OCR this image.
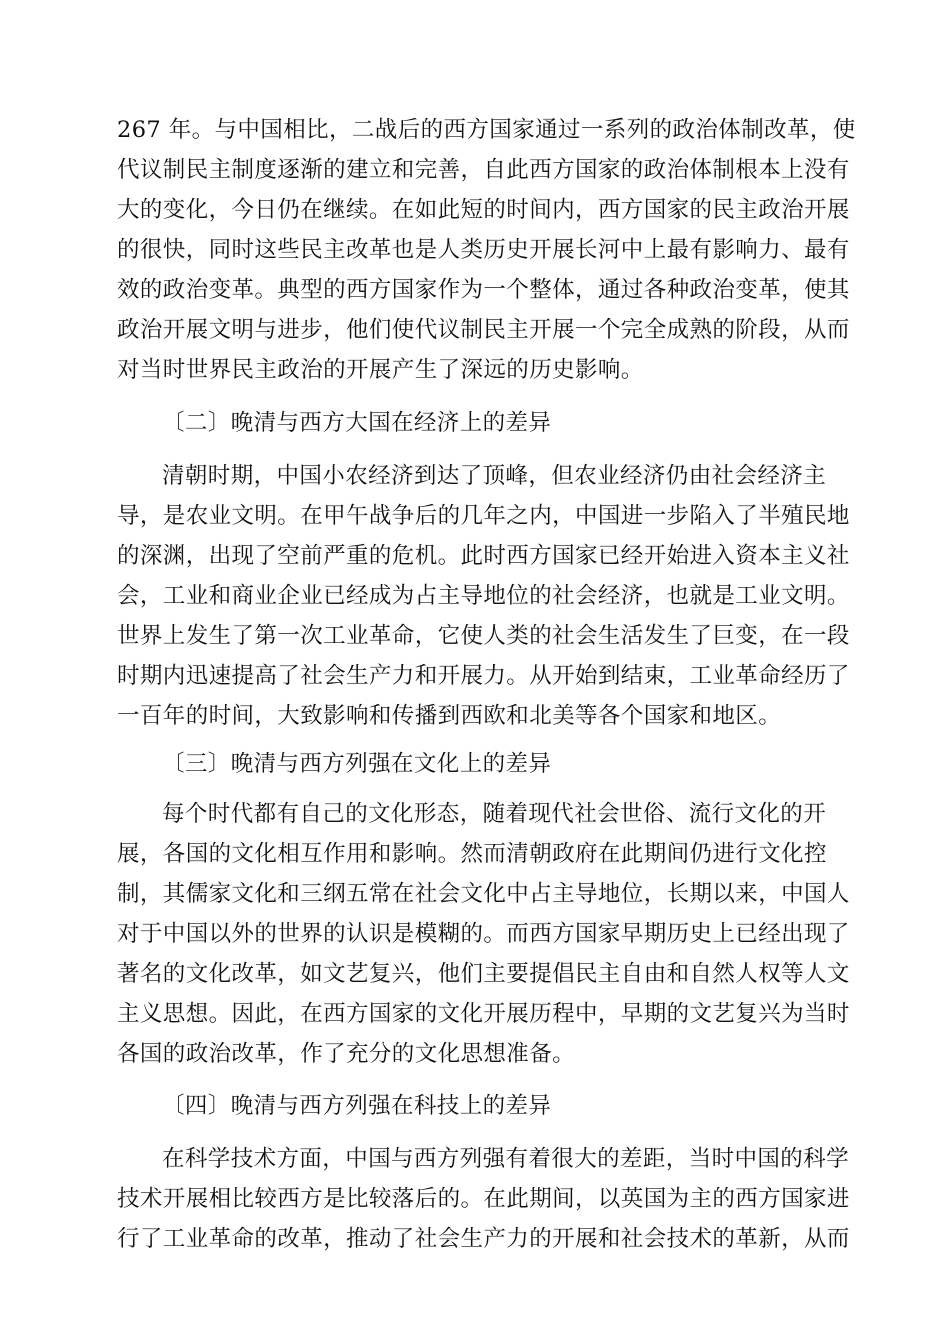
267 年。与中国相比，二战后的西方国家通过一系列的政治体制改革，使
代议制民主制度逐渐的建立和完善，自此西方国家的政治体制根本上没有
大的变化，今日仍在继续。在如此短的时间内，西方国家的民主政治开展
的很快，同时这些民主改革也是人类历史开展长河中上最有影响力、最有
效的政治变革。典型的西方国家作为一个整体，通过各种政治变革，使其
政治开展文明与进步，他们使代议制民主开展一个完全成熟的阶段，从而
对当时世界民主政治的开展产生了深远的历史影响。
〔二〕晚清与西方大国在经济上的差异
清朝时期，中国小农经济到达了顶峰，但农业经济仍由社会经济主
导，是农业文明。在甲午战争后的几年之内，中国进一步陷入了半殖民地
的深渊，出现了空前严重的危机。此时西方国家已经开始进入资本主义社
会，工业和商业企业已经成为占主导地位的社会经济，也就是工业文明。
世界上发生了第一次工业革命，它使人类的社会生活发生了巨变，在一段
时期内迅速提高了社会生产力和开展力。从开始到结束，工业革命经历了
一百年的时间，大致影响和传播到西欧和北美等各个国家和地区。
〔三〕晚清与西方列强在文化上的差异
每个时代都有自己的文化形态，随着现代社会世俗、流行文化的开
展，各国的文化相互作用和影响。然而清朝政府在此期间仍进行文化控
制，其儒家文化和三纲五常在社会文化中占主导地位，长期以来，中国人
对于中国以外的世界的认识是模糊的。而西方国家早期历史上已经出现了
著名的文化改革，如文艺复兴，他们主要提倡民主自由和自然人权等人文
主义思想。因此，在西方国家的文化开展历程中，早期的文艺复兴为当时
各国的政治改革，作了充分的文化思想准备。
〔四〕晚清与西方列强在科技上的差异
在科学技术方面，中国与西方列强有着很大的差距，当时中国的科学
技术开展相比较西方是比较落后的。在此期间，以英国为主的西方国家进
行了工业革命的改革，推动了社会生产力的开展和社会技术的革新，从而
